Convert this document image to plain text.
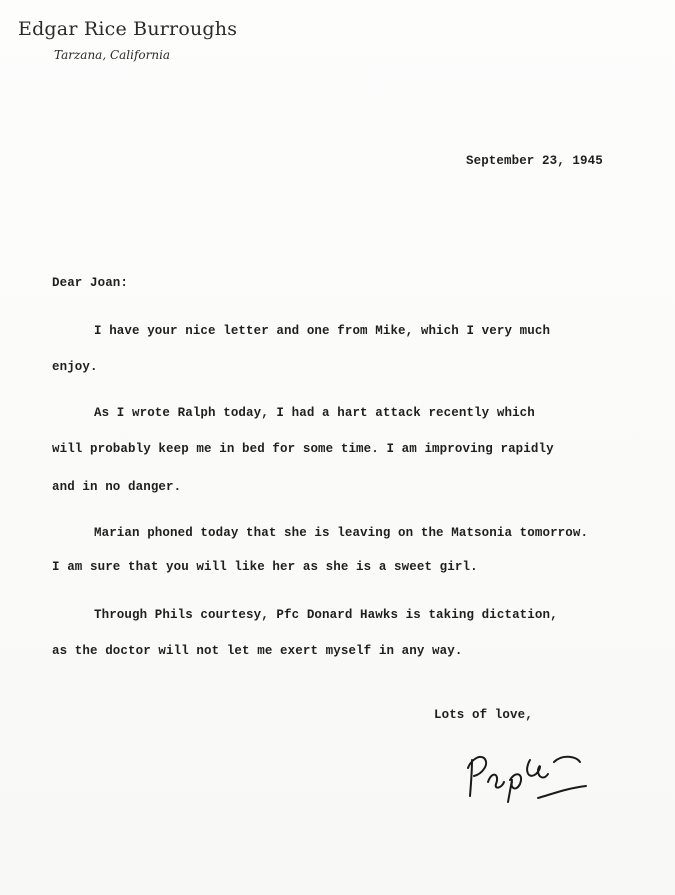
Edgar Rice Burroughs
Tarzana, California
September 23, 1945
Dear Joan:
I have your nice letter and one from Mike, which I very much
enjoy.
As I wrote Ralph today, I had a hart attack recently which
will probably keep me in bed for some time. I am improving rapidly
and in no danger.
Marian phoned today that she is leaving on the Matsonia tomorrow.
I am sure that you will like her as she is a sweet girl.
Through Phils courtesy, Pfc Donard Hawks is taking dictation,
as the doctor will not let me exert myself in any way.
Lots of love,
